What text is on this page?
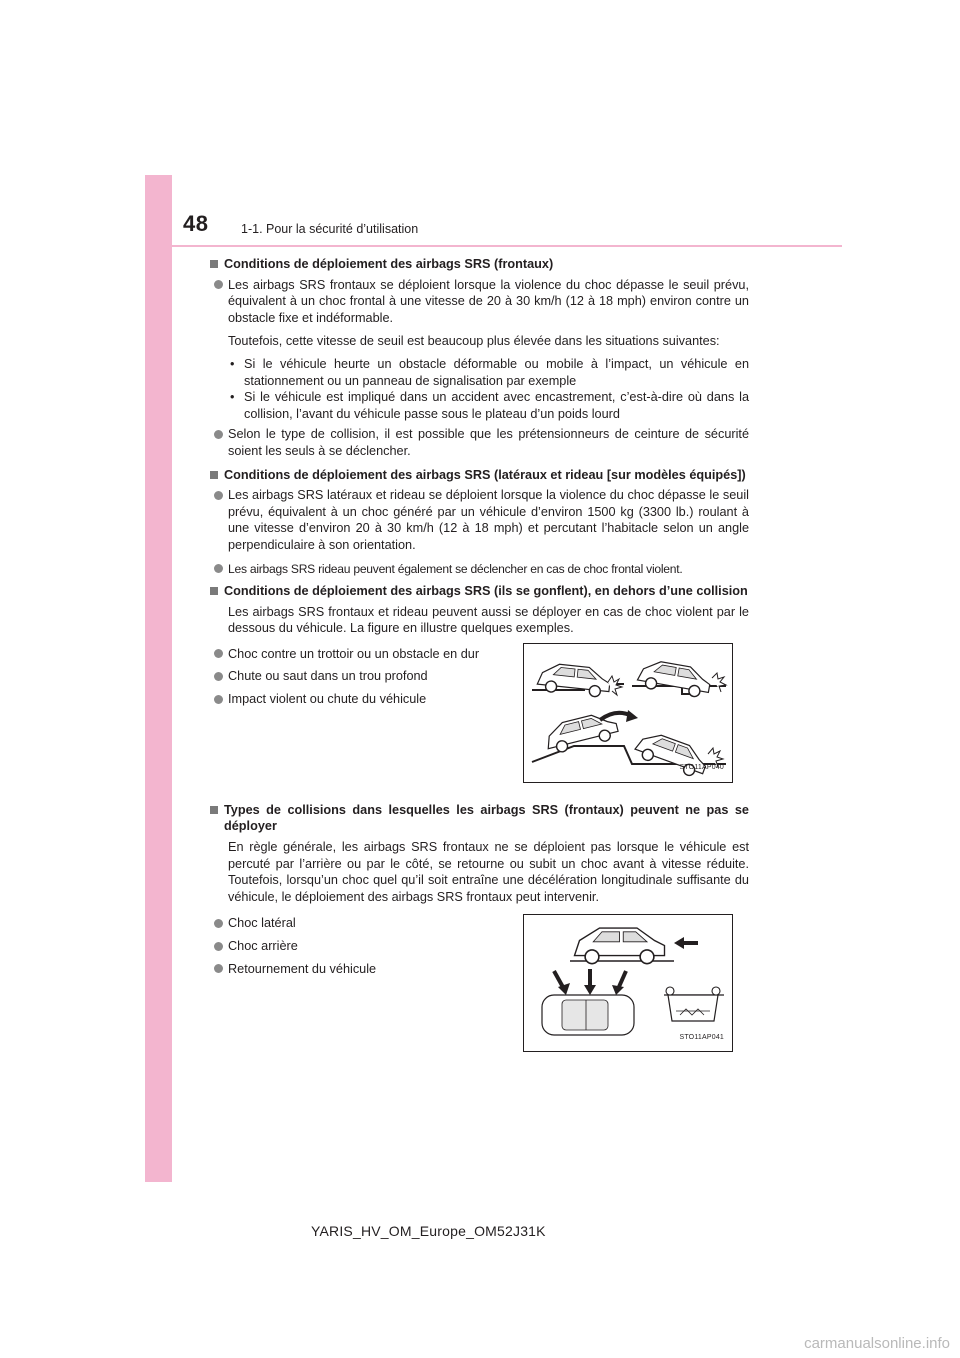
48	1-1. Pour la sécurité d’utilisation
Conditions de déploiement des airbags SRS (frontaux)
Les airbags SRS frontaux se déploient lorsque la violence du choc dépasse le seuil prévu, équivalent à un choc frontal à une vitesse de 20 à 30 km/h (12 à 18 mph) environ contre un obstacle fixe et indéformable.
Toutefois, cette vitesse de seuil est beaucoup plus élevée dans les situations suivantes:
• Si le véhicule heurte un obstacle déformable ou mobile à l’impact, un véhicule en stationnement ou un panneau de signalisation par exemple
• Si le véhicule est impliqué dans un accident avec encastrement, c’est-à-dire où dans la collision, l’avant du véhicule passe sous le plateau d’un poids lourd
Selon le type de collision, il est possible que les prétensionneurs de ceinture de sécurité soient les seuls à se déclencher.
Conditions de déploiement des airbags SRS (latéraux et rideau [sur modèles équipés])
Les airbags SRS latéraux et rideau se déploient lorsque la violence du choc dépasse le seuil prévu, équivalent à un choc généré par un véhicule d’environ 1500 kg (3300 lb.) roulant à une vitesse d’environ 20 à 30 km/h (12 à 18 mph) et percutant l’habitacle selon un angle perpendiculaire à son orientation.
Les airbags SRS rideau peuvent également se déclencher en cas de choc frontal violent.
Conditions de déploiement des airbags SRS (ils se gonflent), en dehors d’une collision
Les airbags SRS frontaux et rideau peuvent aussi se déployer en cas de choc violent par le dessous du véhicule. La figure en illustre quelques exemples.
Choc contre un trottoir ou un obstacle en dur
Chute ou saut dans un trou profond
Impact violent ou chute du véhicule
STO11AP040
Types de collisions dans lesquelles les airbags SRS (frontaux) peuvent ne pas se déployer
En règle générale, les airbags SRS frontaux ne se déploient pas lorsque le véhicule est percuté par l’arrière ou par le côté, se retourne ou subit un choc avant à vitesse réduite. Toutefois, lorsqu’un choc quel qu’il soit entraîne une décélération longitudinale suffisante du véhicule, le déploiement des airbags SRS frontaux peut intervenir.
Choc latéral
Choc arrière
Retournement du véhicule
STO11AP041
YARIS_HV_OM_Europe_OM52J31K
carmanualsonline.info
